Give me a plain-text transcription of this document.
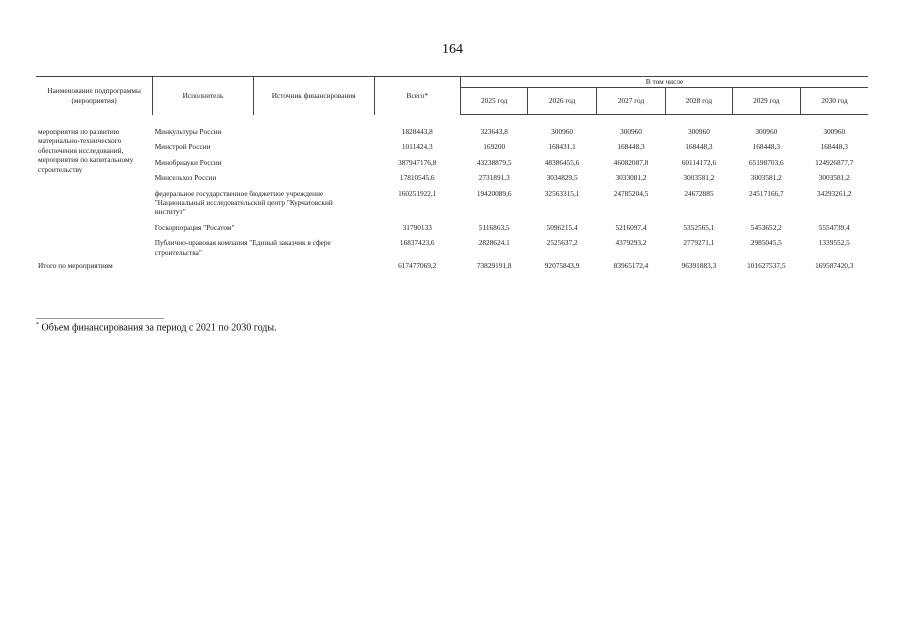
164
Наименование подпрограммы (мероприятия)	Исполнитель	Источник финансирования	Всего*	В том числе					
				2025 год	2026 год	2027 год	2028 год	2029 год	2030 год

мероприятия по развитию материально-технического обеспечения исследований, мероприятия по капитальному строительству	Минкультуры России		1828443,8	323643,8	300960	300960	300960	300960	300960
	Минстрой России		1011424,3	169200	168431,1	168448,3	168448,3	168448,3	168448,3
	Минобрнауки России		387947176,8	43238879,5	48386455,6	46082087,8	60114172,6	65198703,6	124926877,7
	Минсельхоз России		17810545,6	2731891,3	3034829,5	3033081,2	3003581,2	3003581,2	3003581,2
	федеральное государственное бюджетное учреждение "Национальный исследовательский центр "Курчатовский институт"		160251922,1	19420089,6	32563315,1	24785204,5	24672885	24517166,7	34293261,2
	Госкорпорация "Росатом"		31790133	5116863,5	5096215,4	5216097,4	5352565,1	5453652,2	5554739,4
	Публично-правовая компания "Единый заказчик в сфере строительства"		16837423,6	2828624,1	2525637,2	4379293,2	2779271,1	2985045,5	1339552,5
Итого по мероприятиям			617477069,2	73829191,8	92075843,9	83965172,4	96391883,3	101627537,5	169587420,3
* Объем финансирования за период с 2021 по 2030 годы.
